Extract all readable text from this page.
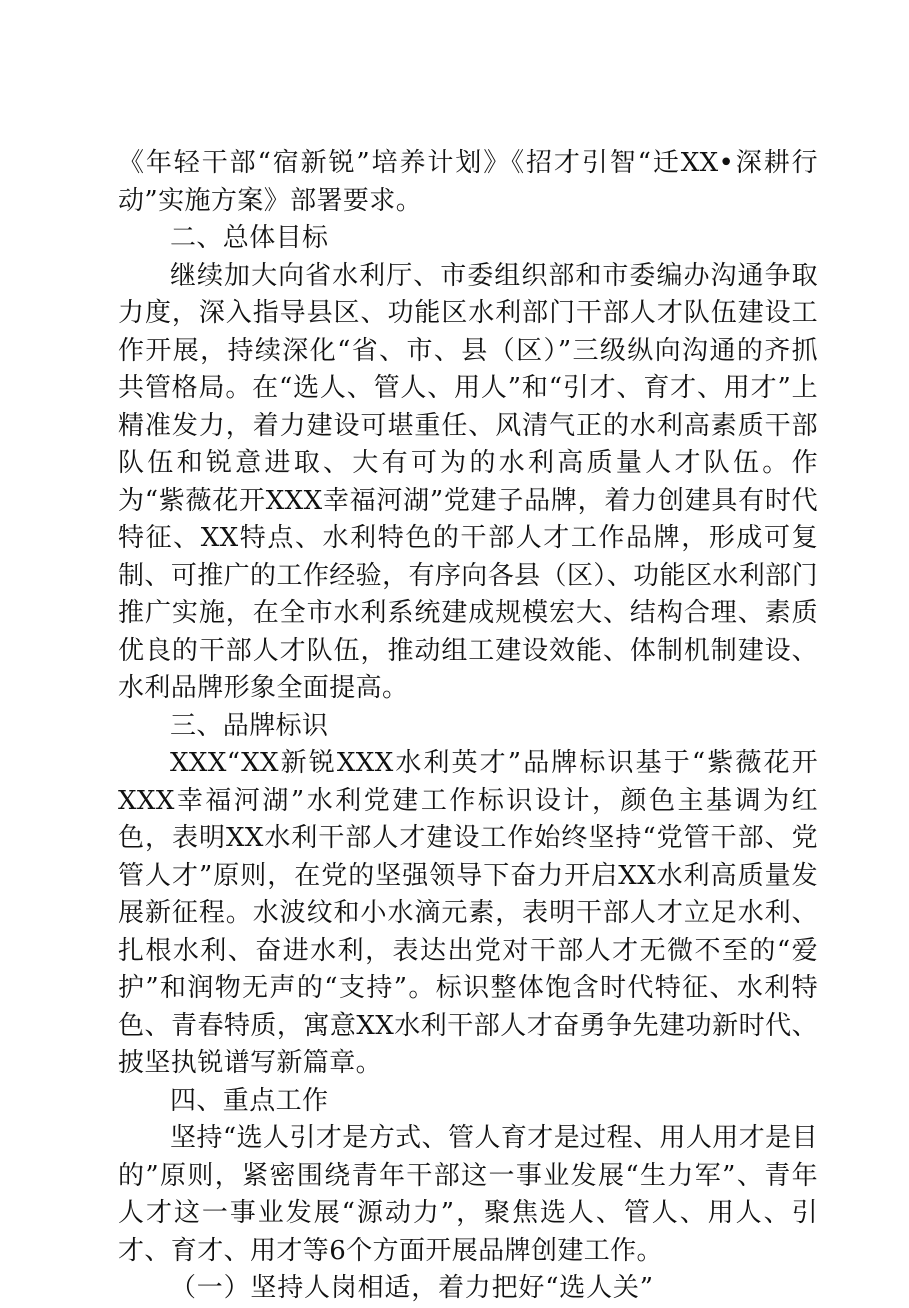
《年轻干部“宿新锐”培养计划》《招才引智“迁XX•深耕行动”实施方案》部署要求。

二、总体目标

继续加大向省水利厅、市委组织部和市委编办沟通争取力度，深入指导县区、功能区水利部门干部人才队伍建设工作开展，持续深化“省、市、县（区）”三级纵向沟通的齐抓共管格局。在“选人、管人、用人”和“引才、育才、用才”上精准发力，着力建设可堪重任、风清气正的水利高素质干部队伍和锐意进取、大有可为的水利高质量人才队伍。作为“紫薇花开XXX幸福河湖”党建子品牌，着力创建具有时代特征、XX特点、水利特色的干部人才工作品牌，形成可复制、可推广的工作经验，有序向各县（区）、功能区水利部门推广实施，在全市水利系统建成规模宏大、结构合理、素质优良的干部人才队伍，推动组工建设效能、体制机制建设、水利品牌形象全面提高。

三、品牌标识

XXX“XX新锐XXX水利英才”品牌标识基于“紫薇花开XXX幸福河湖”水利党建工作标识设计，颜色主基调为红色，表明XX水利干部人才建设工作始终坚持“党管干部、党管人才”原则，在党的坚强领导下奋力开启XX水利高质量发展新征程。水波纹和小水滴元素，表明干部人才立足水利、扎根水利、奋进水利，表达出党对干部人才无微不至的“爱护”和润物无声的“支持”。标识整体饱含时代特征、水利特色、青春特质，寓意XX水利干部人才奋勇争先建功新时代、披坚执锐谱写新篇章。

四、重点工作

坚持“选人引才是方式、管人育才是过程、用人用才是目的”原则，紧密围绕青年干部这一事业发展“生力军”、青年人才这一事业发展“源动力”，聚焦选人、管人、用人、引才、育才、用才等6个方面开展品牌创建工作。

（一）坚持人岗相适，着力把好“选人关”
